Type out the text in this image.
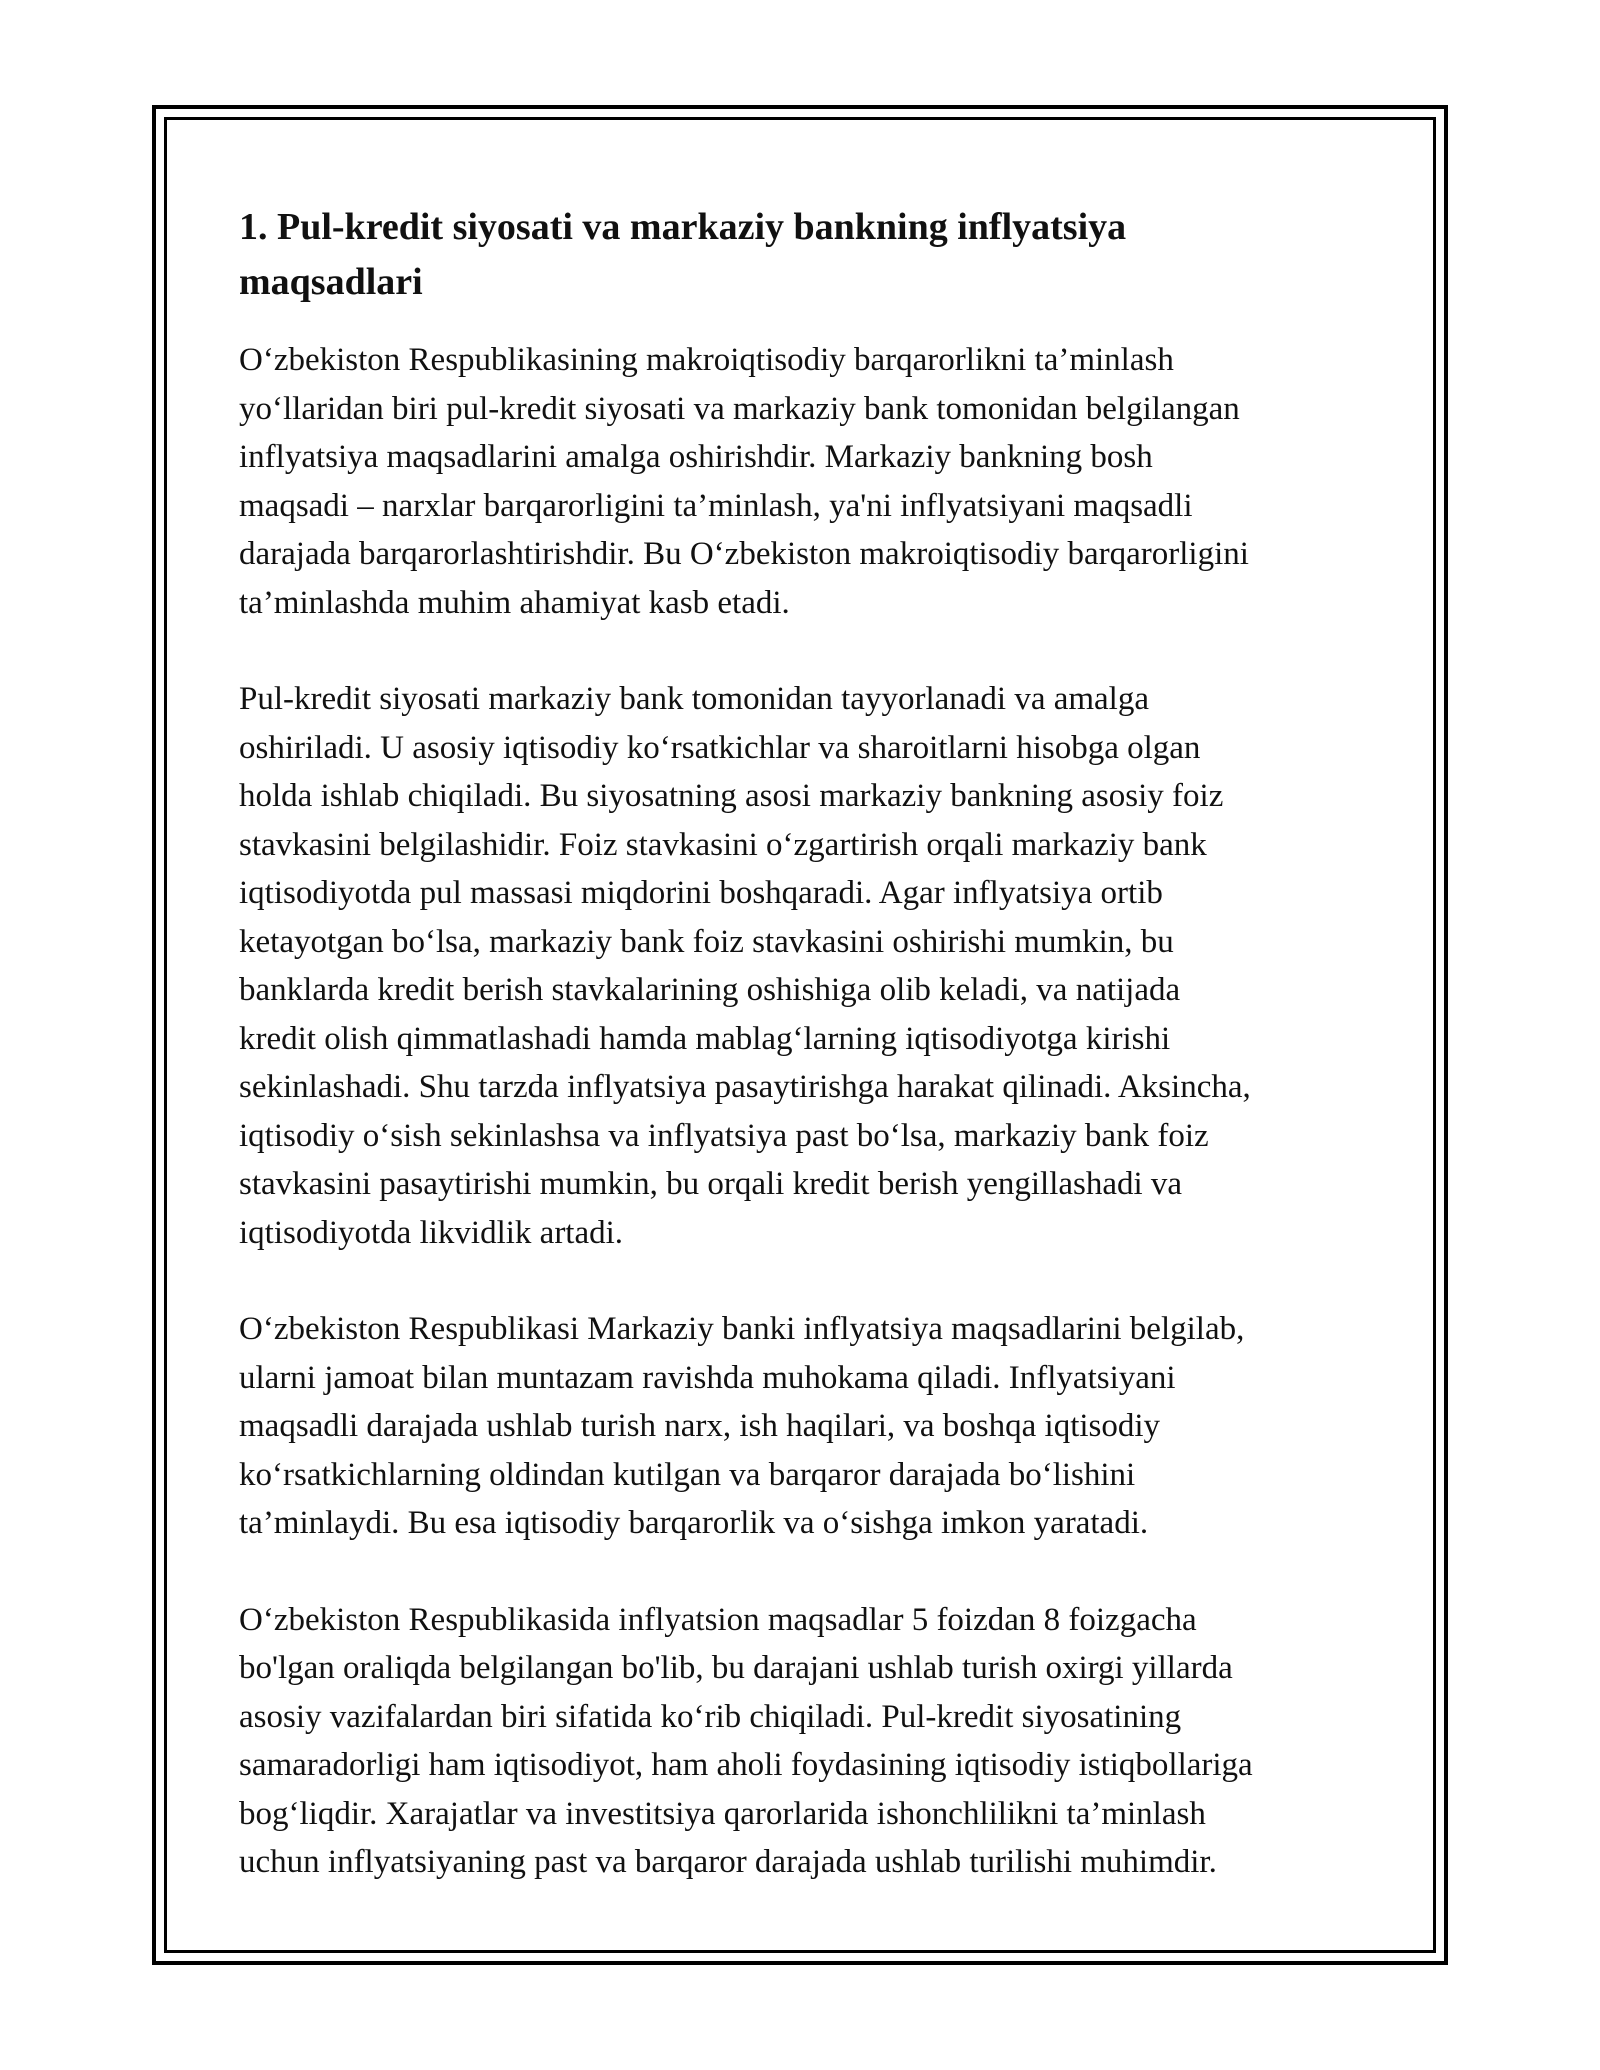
1. Pul-kredit siyosati va markaziy bankning inflyatsiya
maqsadlari

O‘zbekiston Respublikasining makroiqtisodiy barqarorlikni ta’minlash
yo‘llaridan biri pul-kredit siyosati va markaziy bank tomonidan belgilangan
inflyatsiya maqsadlarini amalga oshirishdir. Markaziy bankning bosh
maqsadi – narxlar barqarorligini ta’minlash, ya'ni inflyatsiyani maqsadli
darajada barqarorlashtirishdir. Bu O‘zbekiston makroiqtisodiy barqarorligini
ta’minlashda muhim ahamiyat kasb etadi.

Pul-kredit siyosati markaziy bank tomonidan tayyorlanadi va amalga
oshiriladi. U asosiy iqtisodiy ko‘rsatkichlar va sharoitlarni hisobga olgan
holda ishlab chiqiladi. Bu siyosatning asosi markaziy bankning asosiy foiz
stavkasini belgilashidir. Foiz stavkasini o‘zgartirish orqali markaziy bank
iqtisodiyotda pul massasi miqdorini boshqaradi. Agar inflyatsiya ortib
ketayotgan bo‘lsa, markaziy bank foiz stavkasini oshirishi mumkin, bu
banklarda kredit berish stavkalarining oshishiga olib keladi, va natijada
kredit olish qimmatlashadi hamda mablag‘larning iqtisodiyotga kirishi
sekinlashadi. Shu tarzda inflyatsiya pasaytirishga harakat qilinadi. Aksincha,
iqtisodiy o‘sish sekinlashsa va inflyatsiya past bo‘lsa, markaziy bank foiz
stavkasini pasaytirishi mumkin, bu orqali kredit berish yengillashadi va
iqtisodiyotda likvidlik artadi.

O‘zbekiston Respublikasi Markaziy banki inflyatsiya maqsadlarini belgilab,
ularni jamoat bilan muntazam ravishda muhokama qiladi. Inflyatsiyani
maqsadli darajada ushlab turish narx, ish haqilari, va boshqa iqtisodiy
ko‘rsatkichlarning oldindan kutilgan va barqaror darajada bo‘lishini
ta’minlaydi. Bu esa iqtisodiy barqarorlik va o‘sishga imkon yaratadi.

O‘zbekiston Respublikasida inflyatsion maqsadlar 5 foizdan 8 foizgacha
bo'lgan oraliqda belgilangan bo'lib, bu darajani ushlab turish oxirgi yillarda
asosiy vazifalardan biri sifatida ko‘rib chiqiladi. Pul-kredit siyosatining
samaradorligi ham iqtisodiyot, ham aholi foydasining iqtisodiy istiqbollariga
bog‘liqdir. Xarajatlar va investitsiya qarorlarida ishonchlilikni ta’minlash
uchun inflyatsiyaning past va barqaror darajada ushlab turilishi muhimdir.
